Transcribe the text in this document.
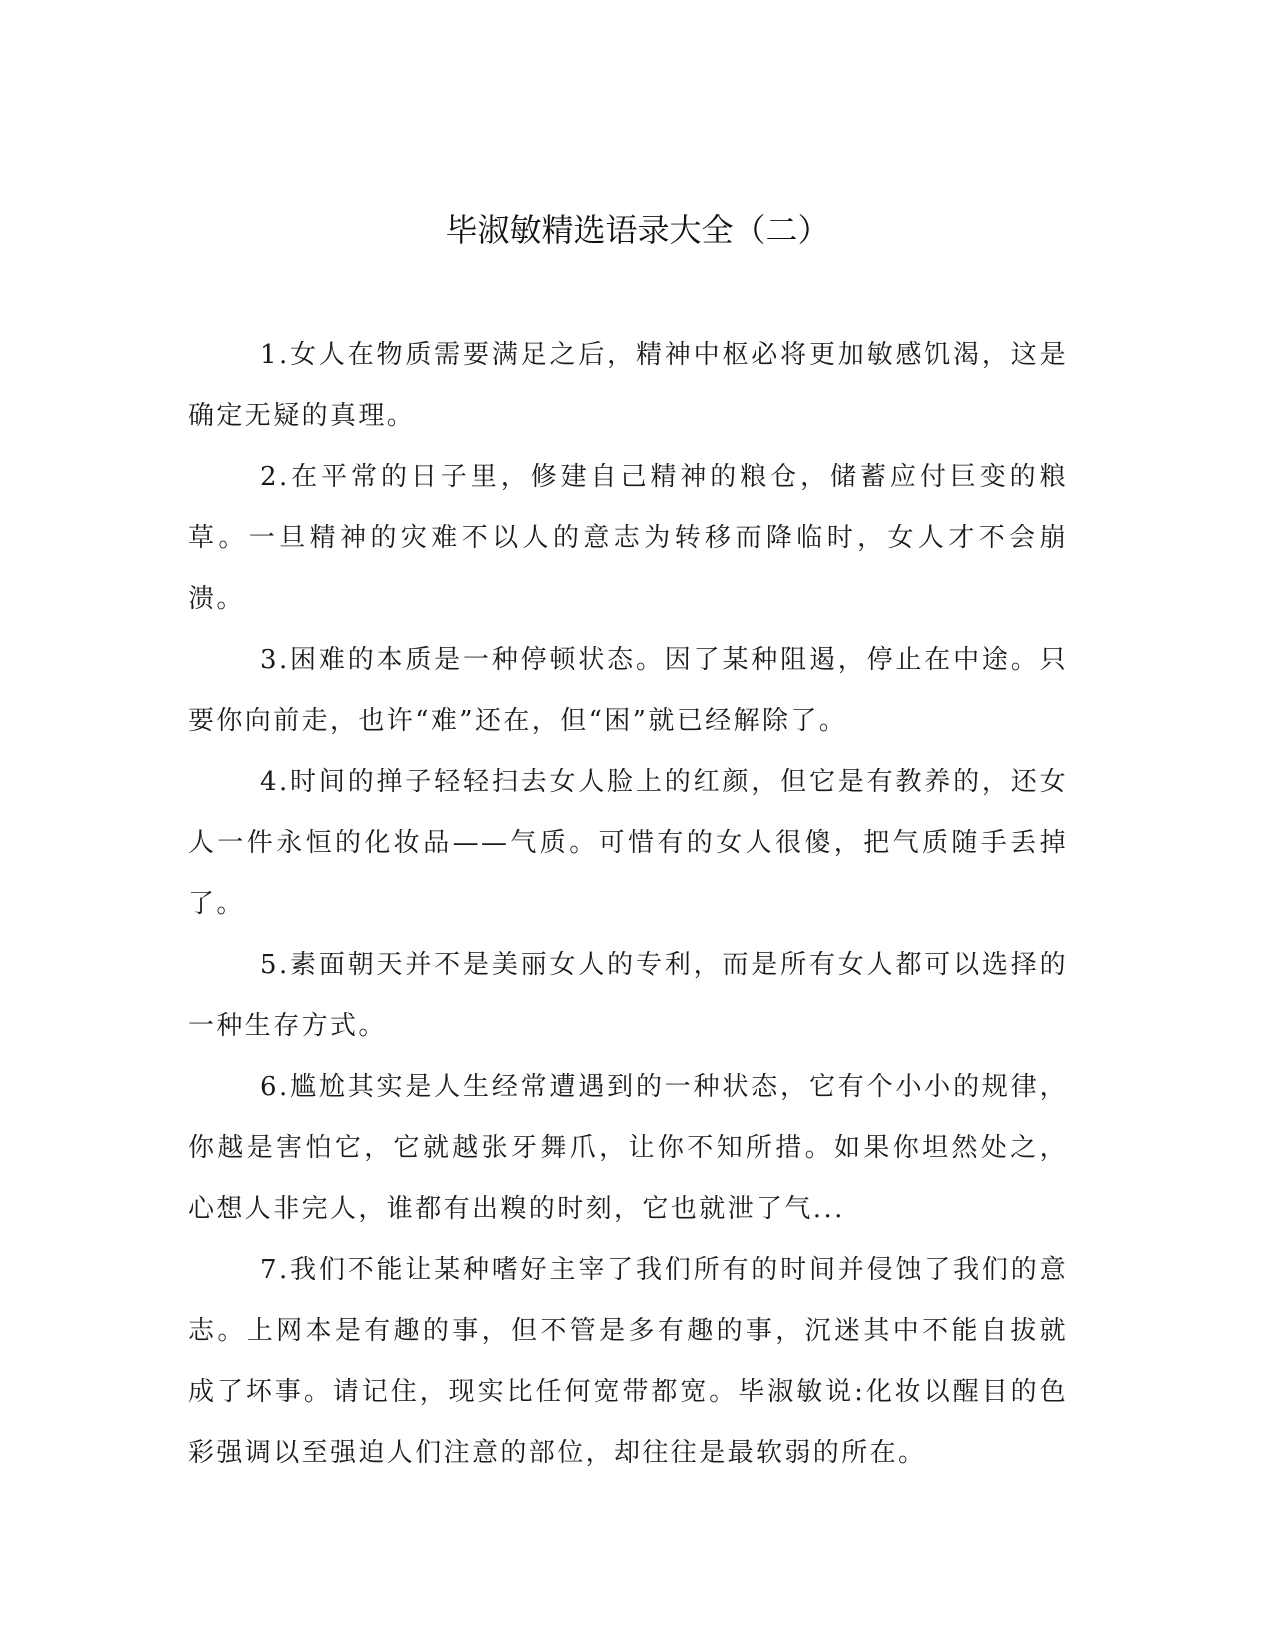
毕淑敏精选语录大全（二）

1.女人在物质需要满足之后，精神中枢必将更加敏感饥渴，这是确定无疑的真理。

2.在平常的日子里，修建自己精神的粮仓，储蓄应付巨变的粮草。一旦精神的灾难不以人的意志为转移而降临时，女人才不会崩溃。

3.困难的本质是一种停顿状态。因了某种阻遏，停止在中途。只要你向前走，也许“难”还在，但“困”就已经解除了。

4.时间的掸子轻轻扫去女人脸上的红颜，但它是有教养的，还女人一件永恒的化妆品——气质。可惜有的女人很傻，把气质随手丢掉了。

5.素面朝天并不是美丽女人的专利，而是所有女人都可以选择的一种生存方式。

6.尴尬其实是人生经常遭遇到的一种状态，它有个小小的规律，你越是害怕它，它就越张牙舞爪，让你不知所措。如果你坦然处之，心想人非完人，谁都有出糗的时刻，它也就泄了气...

7.我们不能让某种嗜好主宰了我们所有的时间并侵蚀了我们的意志。上网本是有趣的事，但不管是多有趣的事，沉迷其中不能自拔就成了坏事。请记住，现实比任何宽带都宽。毕淑敏说:化妆以醒目的色彩强调以至强迫人们注意的部位，却往往是最软弱的所在。
